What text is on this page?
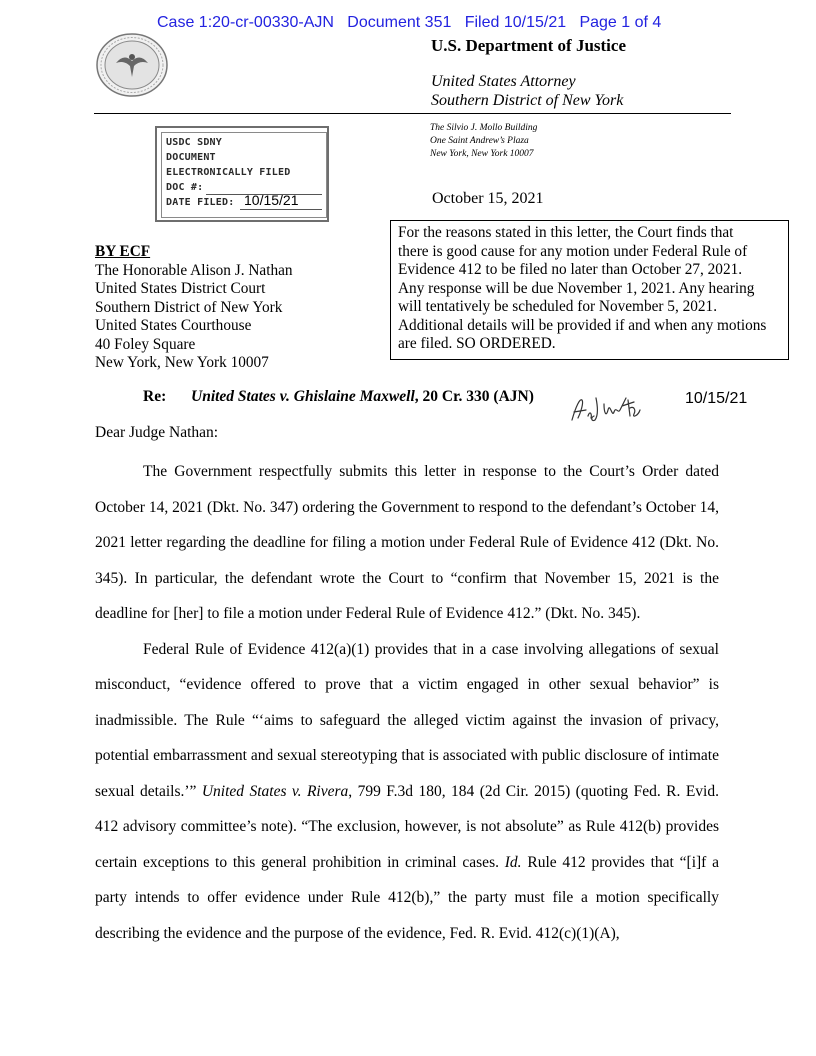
Case 1:20-cr-00330-AJN   Document 351   Filed 10/15/21   Page 1 of 4
U.S. Department of Justice
United States Attorney
Southern District of New York
The Silvio J. Mollo Building
One Saint Andrew’s Plaza
New York, New York 10007
USDC SDNY
DOCUMENT
ELECTRONICALLY FILED
DOC #:
DATE FILED: 10/15/21	October 15, 2021
For the reasons stated in this letter, the Court finds that
there is good cause for any motion under Federal Rule of
Evidence 412 to be filed no later than October 27, 2021.
Any response will be due November 1, 2021. Any hearing
will tentatively be scheduled for November 5, 2021.
Additional details will be provided if and when any motions
are filed. SO ORDERED.
BY ECF
The Honorable Alison J. Nathan
United States District Court
Southern District of New York
United States Courthouse
40 Foley Square
New York, New York 10007
Re: United States v. Ghislaine Maxwell, 20 Cr. 330 (AJN)	10/15/21
Dear Judge Nathan:

The Government respectfully submits this letter in response to the Court’s Order dated October 14, 2021 (Dkt. No. 347) ordering the Government to respond to the defendant’s October 14, 2021 letter regarding the deadline for filing a motion under Federal Rule of Evidence 412 (Dkt. No. 345). In particular, the defendant wrote the Court to “confirm that November 15, 2021 is the deadline for [her] to file a motion under Federal Rule of Evidence 412.” (Dkt. No. 345).

Federal Rule of Evidence 412(a)(1) provides that in a case involving allegations of sexual misconduct, “evidence offered to prove that a victim engaged in other sexual behavior” is inadmissible. The Rule “‘aims to safeguard the alleged victim against the invasion of privacy, potential embarrassment and sexual stereotyping that is associated with public disclosure of intimate sexual details.’” United States v. Rivera, 799 F.3d 180, 184 (2d Cir. 2015) (quoting Fed. R. Evid. 412 advisory committee’s note). “The exclusion, however, is not absolute” as Rule 412(b) provides certain exceptions to this general prohibition in criminal cases. Id. Rule 412 provides that “[i]f a party intends to offer evidence under Rule 412(b),” the party must file a motion specifically describing the evidence and the purpose of the evidence, Fed. R. Evid. 412(c)(1)(A),
